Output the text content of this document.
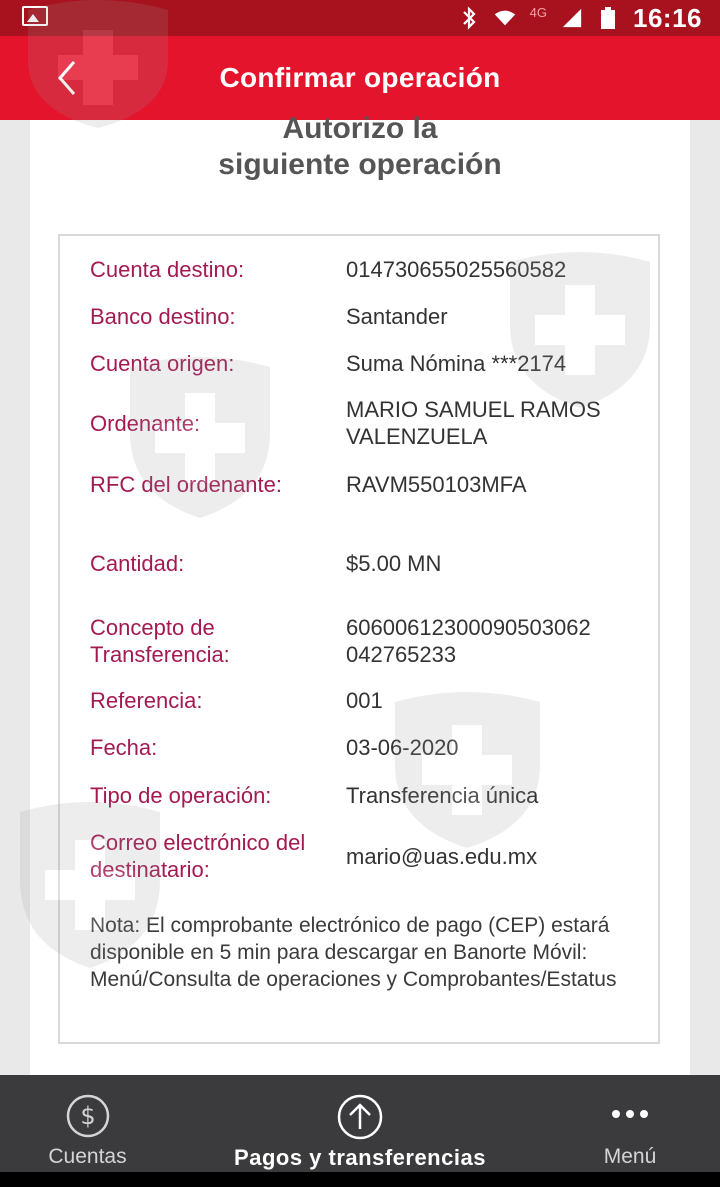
4G	16:16
Confirmar operación
Autorizo la
siguiente operación
Cuenta destino:	014730655025560582
Banco destino:	Santander
Cuenta origen:	Suma Nómina ***2174
Ordenante:
MARIO SAMUEL RAMOS VALENZUELA
RFC del ordenante:	RAVM550103MFA
Cantidad:	$5.00 MN
Concepto de Transferencia:
60600612300090503062 042765233
Referencia:	001
Fecha:	03-06-2020
Tipo de operación:	Transferencia única
Correo electrónico del destinatario:
mario@uas.edu.mx
Nota: El comprobante electrónico de pago (CEP) estará disponible en 5 min para descargar en Banorte Móvil: Menú/Consulta de operaciones y Comprobantes/Estatus
$
Cuentas	Pagos y transferencias	Menú
